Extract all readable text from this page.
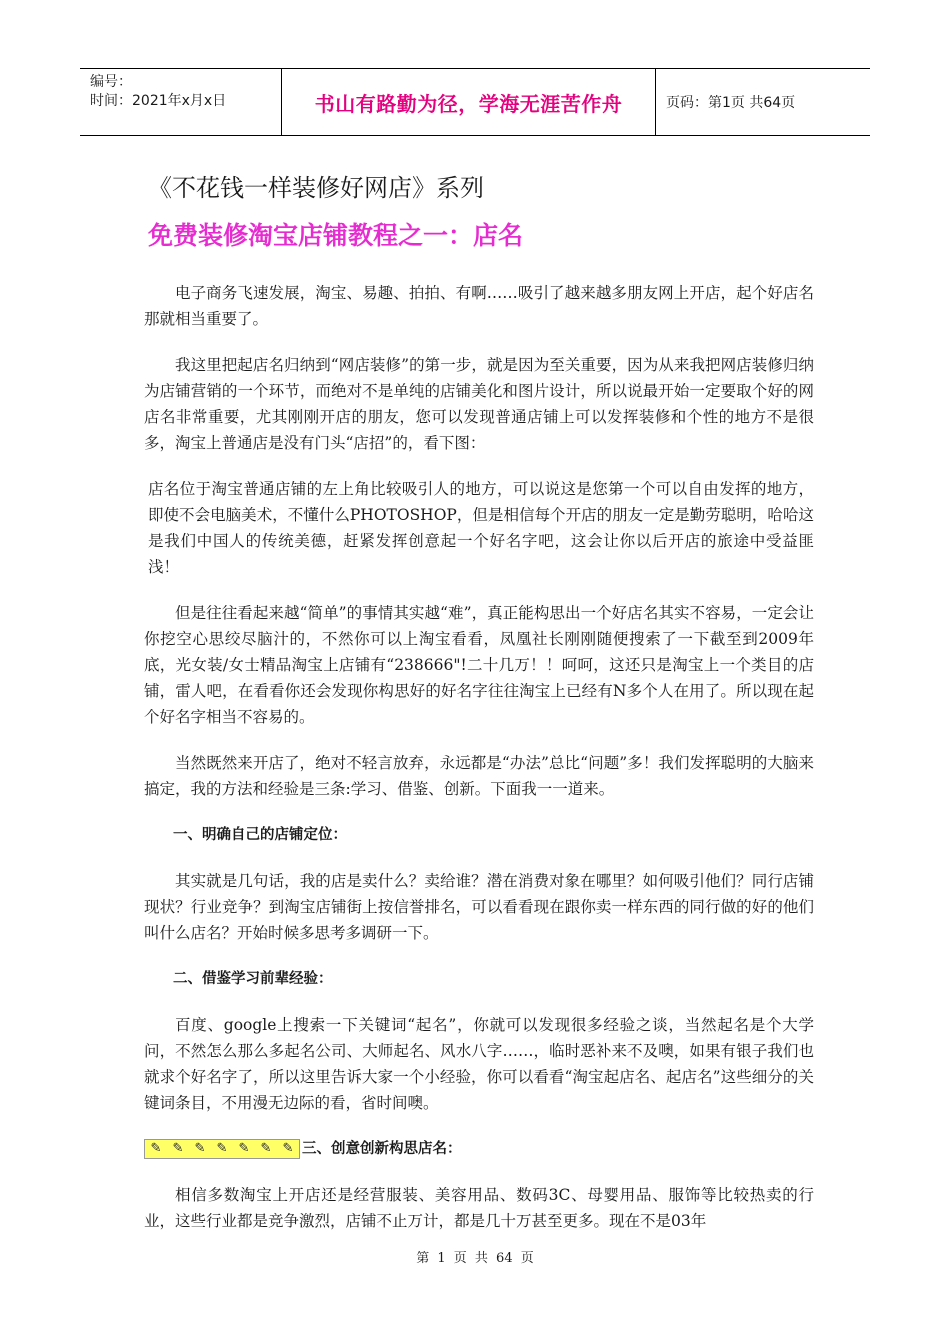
编号：
时间：2021年x月x日	书山有路勤为径，学海无涯苦作舟	页码：第1页 共64页
《不花钱一样装修好网店》系列
免费装修淘宝店铺教程之一：店名

电子商务飞速发展，淘宝、易趣、拍拍、有啊……吸引了越来越多朋友网上开店，起个好店名那就相当重要了。

我这里把起店名归纳到“网店装修”的第一步，就是因为至关重要，因为从来我把网店装修归纳为店铺营销的一个环节，而绝对不是单纯的店铺美化和图片设计，所以说最开始一定要取个好的网店名非常重要，尤其刚刚开店的朋友，您可以发现普通店铺上可以发挥装修和个性的地方不是很多，淘宝上普通店是没有门头“店招”的，看下图：

店名位于淘宝普通店铺的左上角比较吸引人的地方，可以说这是您第一个可以自由发挥的地方，即使不会电脑美术，不懂什么PHOTOSHOP，但是相信每个开店的朋友一定是勤劳聪明，哈哈这是我们中国人的传统美德，赶紧发挥创意起一个好名字吧，这会让你以后开店的旅途中受益匪浅！

但是往往看起来越“简单”的事情其实越“难”，真正能构思出一个好店名其实不容易，一定会让你挖空心思绞尽脑汁的，不然你可以上淘宝看看，凤凰社长刚刚随便搜索了一下截至到2009年底，光女装/女士精品淘宝上店铺有“238666"!二十几万！！呵呵，这还只是淘宝上一个类目的店铺，雷人吧，在看看你还会发现你构思好的好名字往往淘宝上已经有N多个人在用了。所以现在起个好名字相当不容易的。

当然既然来开店了，绝对不轻言放弃，永远都是“办法”总比“问题”多！我们发挥聪明的大脑来搞定，我的方法和经验是三条:学习、借鉴、创新。下面我一一道来。

一、明确自己的店铺定位：

其实就是几句话，我的店是卖什么？卖给谁？潜在消费对象在哪里？如何吸引他们？同行店铺现状？行业竞争？到淘宝店铺街上按信誉排名，可以看看现在跟你卖一样东西的同行做的好的他们叫什么店名？开始时候多思考多调研一下。

二、借鉴学习前辈经验：

百度、google上搜索一下关键词“起名”，你就可以发现很多经验之谈，当然起名是个大学问，不然怎么那么多起名公司、大师起名、风水八字……，临时恶补来不及噢，如果有银子我们也就求个好名字了，所以这里告诉大家一个小经验，你可以看看“淘宝起店名、起店名”这些细分的关键词条目，不用漫无边际的看，省时间噢。

✎ ✎ ✎ ✎ ✎ ✎ ✎ 三、创意创新构思店名：

相信多数淘宝上开店还是经营服装、美容用品、数码3C、母婴用品、服饰等比较热卖的行业，这些行业都是竞争激烈，店铺不止万计，都是几十万甚至更多。现在不是03年

第 1 页 共 64 页
